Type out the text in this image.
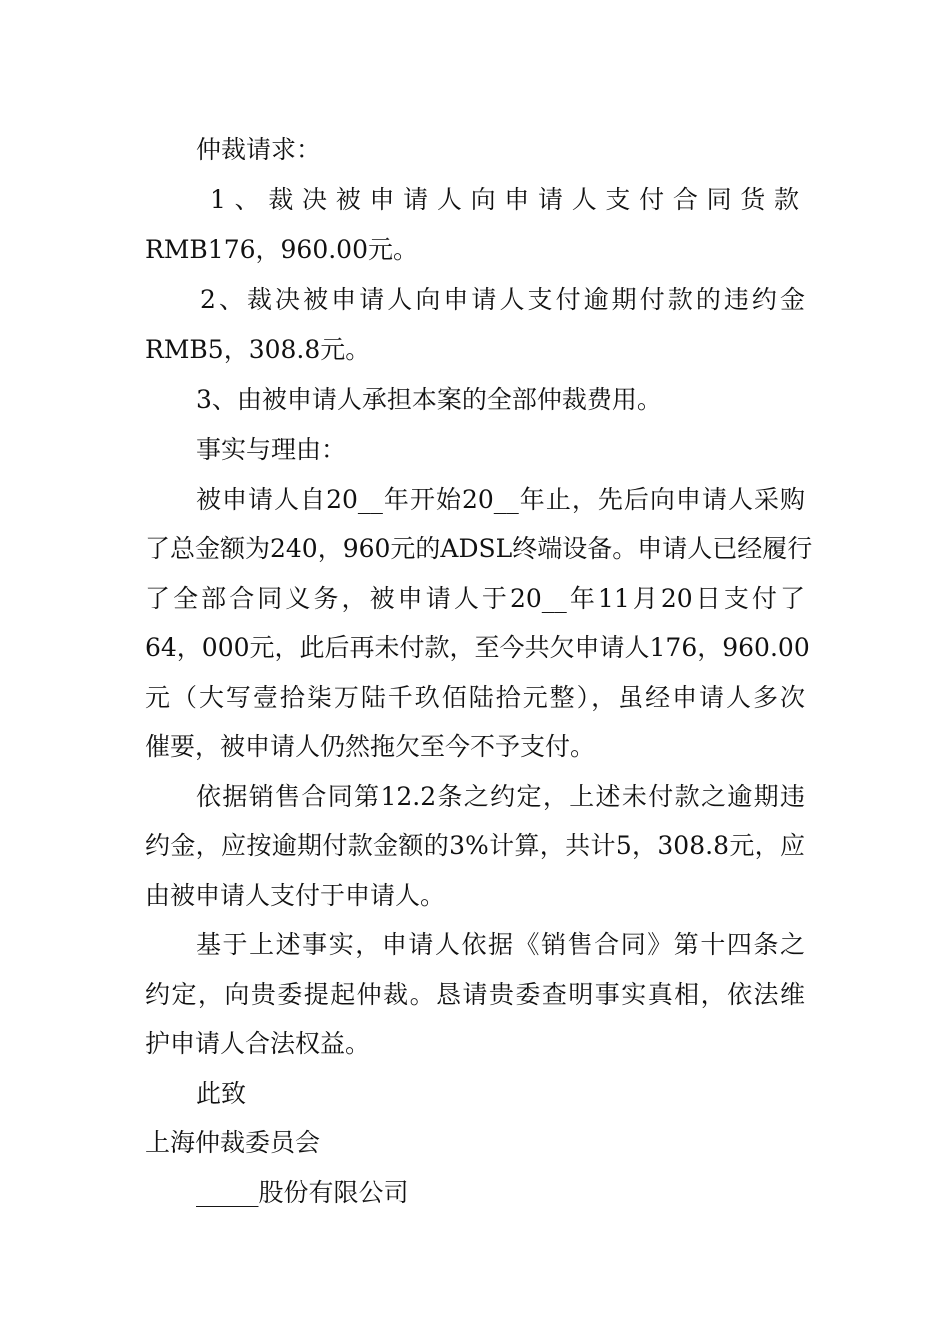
仲裁请求：
1、裁决被申请人向申请人支付合同货款
RMB176，960.00元。
2、裁决被申请人向申请人支付逾期付款的违约金
RMB5，308.8元。
3、由被申请人承担本案的全部仲裁费用。
事实与理由：
被申请人自20__年开始20__年止，先后向申请人采购
了总金额为240，960元的ADSL终端设备。申请人已经履行
了全部合同义务，被申请人于20__年11月20日支付了
64，000元，此后再未付款，至今共欠申请人176，960.00
元（大写壹拾柒万陆千玖佰陆拾元整），虽经申请人多次
催要，被申请人仍然拖欠至今不予支付。
依据销售合同第12.2条之约定，上述未付款之逾期违
约金，应按逾期付款金额的3%计算，共计5，308.8元，应
由被申请人支付于申请人。
基于上述事实，申请人依据《销售合同》第十四条之
约定，向贵委提起仲裁。恳请贵委查明事实真相，依法维
护申请人合法权益。
此致
上海仲裁委员会
_____股份有限公司
